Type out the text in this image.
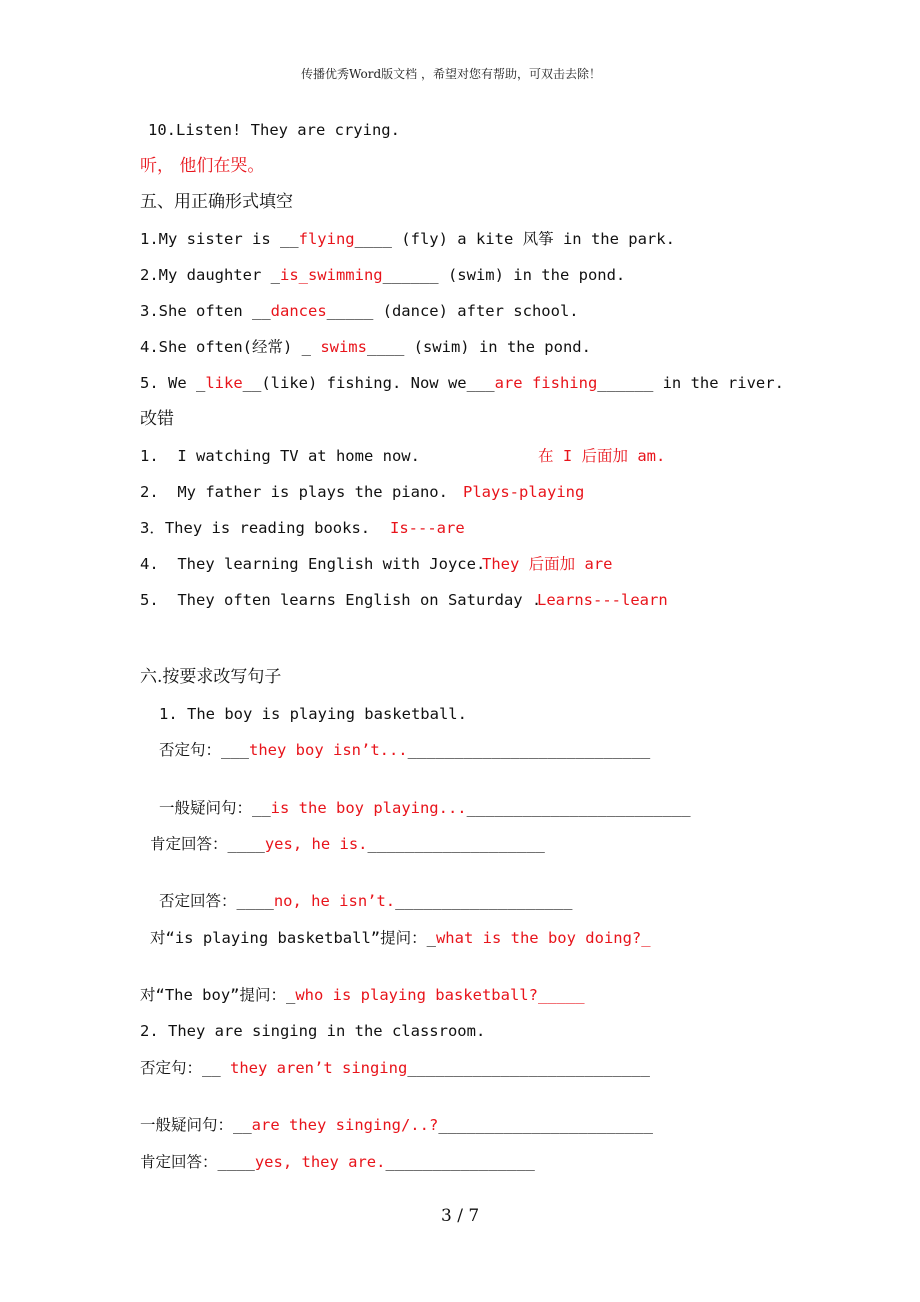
传播优秀Word版文档 ，希望对您有帮助，可双击去除！
10.Listen! They are crying.
听， 他们在哭。
五、用正确形式填空
1.My sister is __flying____ (fly) a kite 风筝 in the park.
2.My daughter _is_swimming______ (swim) in the pond.
3.She often __dances_____ (dance) after school.
4.She often(经常) _ swims____ (swim) in the pond.
5. We _like__(like) fishing. Now we___are fishing______ in the river.
改错
1.  I watching TV at home now.	在 I 后面加 am.
2.  My father is plays the piano. Plays-playing
3．They is reading books. Is---are
4.  They learning English with Joyce.
They 后面加 are
5.  They often learns English on Saturday .
Learns---learn
六.按要求改写句子
1. The boy is playing basketball.
否定句：___they boy isn’t...__________________________
一般疑问句：__is the boy playing...________________________
肯定回答：____yes, he is.___________________
否定回答：____no, he isn’t.___________________
对“is playing basketball”提问：_what is the boy doing?_
对“The boy”提问：_who is playing basketball?_____
2. They are singing in the classroom.
否定句：__ they aren’t singing__________________________
一般疑问句：__are they singing/..?_______________________
肯定回答：____yes, they are.________________
3 / 7
